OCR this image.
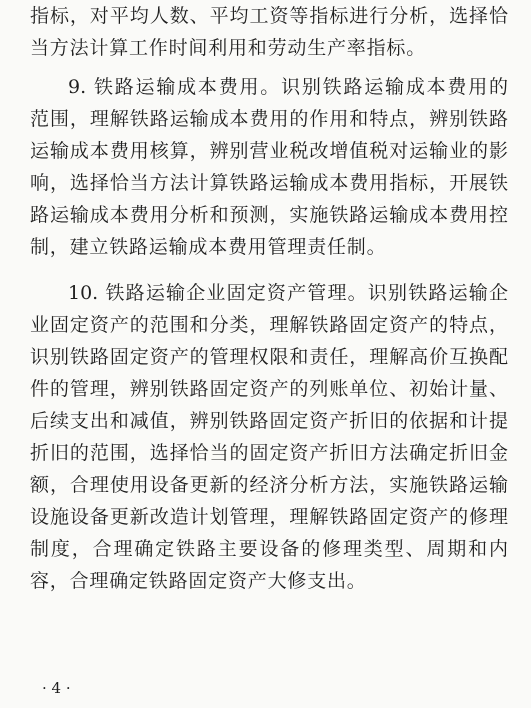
指标，对平均人数、平均工资等指标进行分析，选择恰
当方法计算工作时间利用和劳动生产率指标。
9. 铁路运输成本费用。识别铁路运输成本费用的
范围，理解铁路运输成本费用的作用和特点，辨别铁路
运输成本费用核算，辨别营业税改增值税对运输业的影
响，选择恰当方法计算铁路运输成本费用指标，开展铁
路运输成本费用分析和预测，实施铁路运输成本费用控
制，建立铁路运输成本费用管理责任制。
10. 铁路运输企业固定资产管理。识别铁路运输企
业固定资产的范围和分类，理解铁路固定资产的特点，
识别铁路固定资产的管理权限和责任，理解高价互换配
件的管理，辨别铁路固定资产的列账单位、初始计量、
后续支出和减值，辨别铁路固定资产折旧的依据和计提
折旧的范围，选择恰当的固定资产折旧方法确定折旧金
额，合理使用设备更新的经济分析方法，实施铁路运输
设施设备更新改造计划管理，理解铁路固定资产的修理
制度，合理确定铁路主要设备的修理类型、周期和内
容，合理确定铁路固定资产大修支出。
· 4 ·
